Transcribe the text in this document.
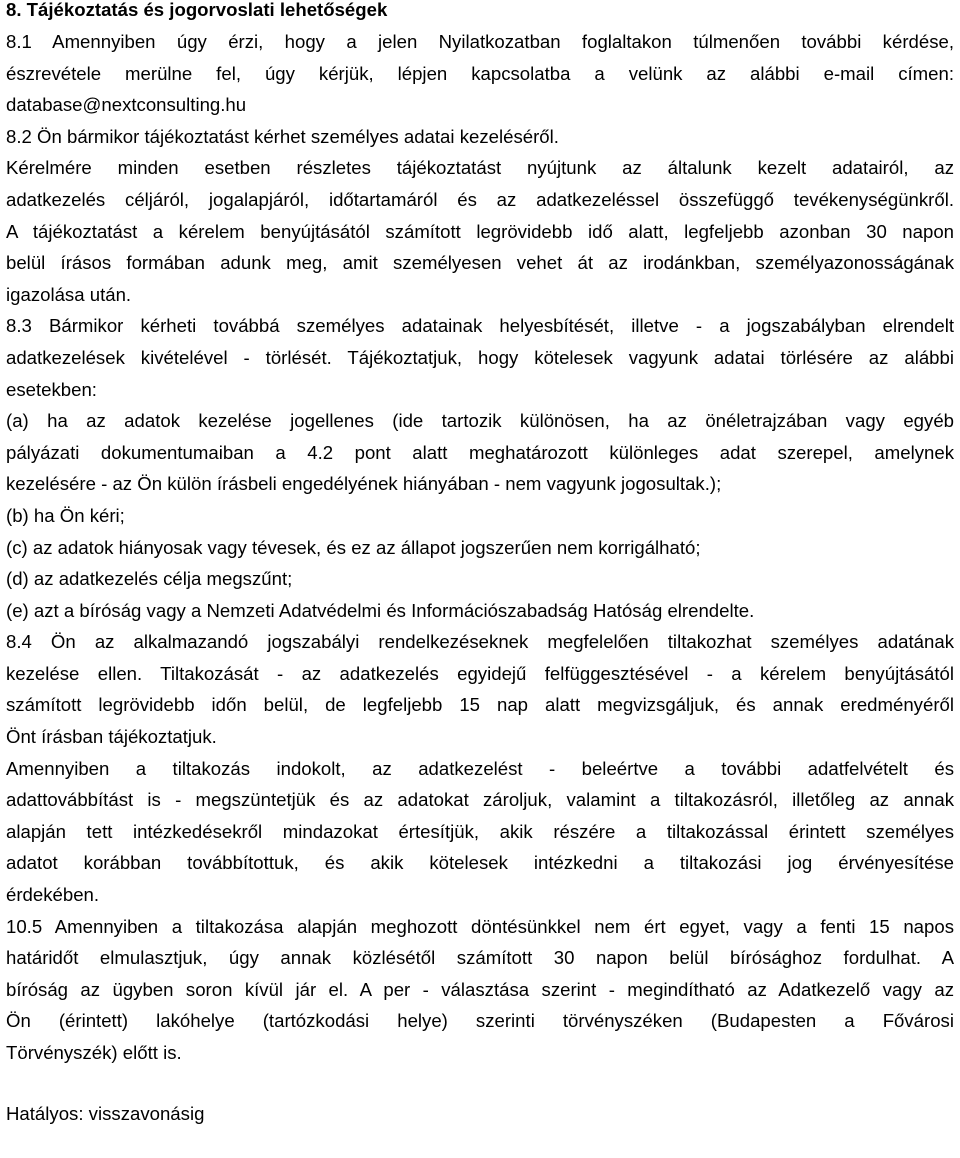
8. Tájékoztatás és jogorvoslati lehetőségek
8.1 Amennyiben úgy érzi, hogy a jelen Nyilatkozatban foglaltakon túlmenően további kérdése,
észrevétele merülne fel, úgy kérjük, lépjen kapcsolatba a velünk az alábbi e-mail címen:
database@nextconsulting.hu
8.2 Ön bármikor tájékoztatást kérhet személyes adatai kezeléséről.
Kérelmére minden esetben részletes tájékoztatást nyújtunk az általunk kezelt adatairól, az
adatkezelés céljáról, jogalapjáról, időtartamáról és az adatkezeléssel összefüggő tevékenységünkről.
A tájékoztatást a kérelem benyújtásától számított legrövidebb idő alatt, legfeljebb azonban 30 napon
belül írásos formában adunk meg, amit személyesen vehet át az irodánkban, személyazonosságának
igazolása után.
8.3 Bármikor kérheti továbbá személyes adatainak helyesbítését, illetve - a jogszabályban elrendelt
adatkezelések kivételével - törlését. Tájékoztatjuk, hogy kötelesek vagyunk adatai törlésére az alábbi
esetekben:
(a) ha az adatok kezelése jogellenes (ide tartozik különösen, ha az önéletrajzában vagy egyéb
pályázati dokumentumaiban a 4.2 pont alatt meghatározott különleges adat szerepel, amelynek
kezelésére - az Ön külön írásbeli engedélyének hiányában - nem vagyunk jogosultak.);
(b) ha Ön kéri;
(c) az adatok hiányosak vagy tévesek, és ez az állapot jogszerűen nem korrigálható;
(d) az adatkezelés célja megszűnt;
(e) azt a bíróság vagy a Nemzeti Adatvédelmi és Információszabadság Hatóság elrendelte.
8.4 Ön az alkalmazandó jogszabályi rendelkezéseknek megfelelően tiltakozhat személyes adatának
kezelése ellen. Tiltakozását - az adatkezelés egyidejű felfüggesztésével - a kérelem benyújtásától
számított legrövidebb időn belül, de legfeljebb 15 nap alatt megvizsgáljuk, és annak eredményéről
Önt írásban tájékoztatjuk.
Amennyiben a tiltakozás indokolt, az adatkezelést - beleértve a további adatfelvételt és
adattovábbítást is - megszüntetjük és az adatokat zároljuk, valamint a tiltakozásról, illetőleg az annak
alapján tett intézkedésekről mindazokat értesítjük, akik részére a tiltakozással érintett személyes
adatot korábban továbbítottuk, és akik kötelesek intézkedni a tiltakozási jog érvényesítése
érdekében.
10.5 Amennyiben a tiltakozása alapján meghozott döntésünkkel nem ért egyet, vagy a fenti 15 napos
határidőt elmulasztjuk, úgy annak közlésétől számított 30 napon belül bírósághoz fordulhat. A
bíróság az ügyben soron kívül jár el. A per - választása szerint - megindítható az Adatkezelő vagy az
Ön (érintett) lakóhelye (tartózkodási helye) szerinti törvényszéken (Budapesten a Fővárosi
Törvényszék) előtt is.
Hatályos: visszavonásig
